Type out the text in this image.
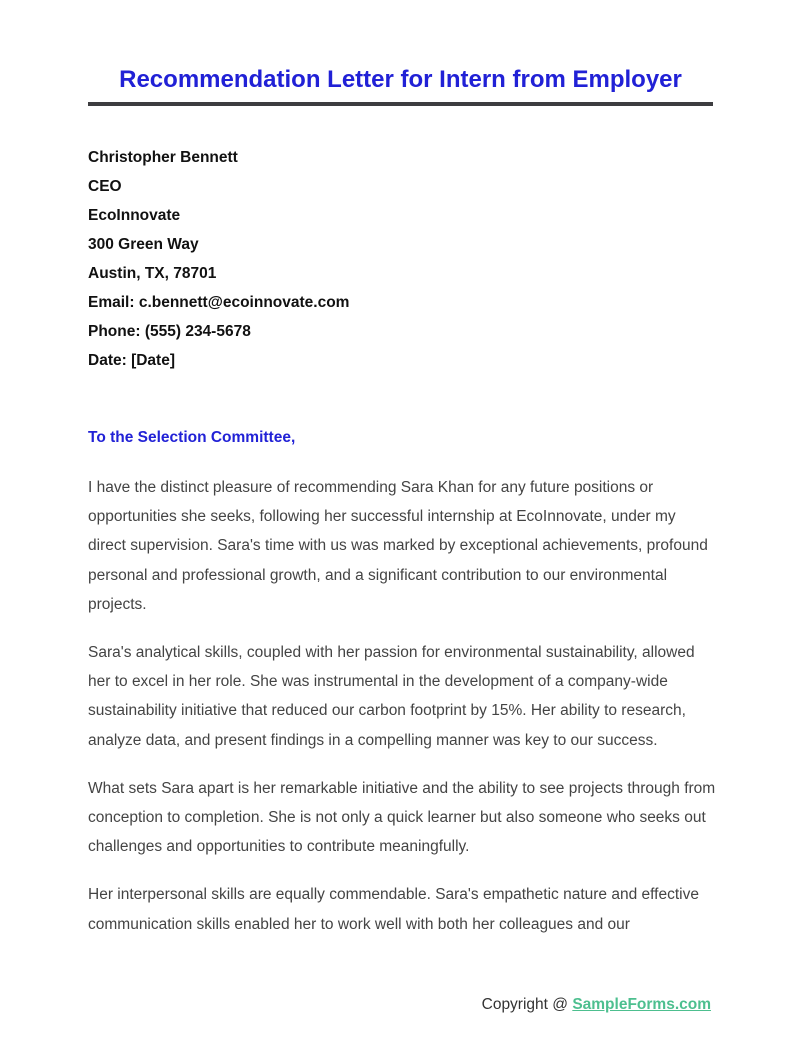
Recommendation Letter for Intern from Employer
Christopher Bennett
CEO
EcoInnovate
300 Green Way
Austin, TX, 78701
Email: c.bennett@ecoinnovate.com
Phone: (555) 234-5678
Date: [Date]
To the Selection Committee,

I have the distinct pleasure of recommending Sara Khan for any future positions or opportunities she seeks, following her successful internship at EcoInnovate, under my direct supervision. Sara's time with us was marked by exceptional achievements, profound personal and professional growth, and a significant contribution to our environmental projects.

Sara's analytical skills, coupled with her passion for environmental sustainability, allowed her to excel in her role. She was instrumental in the development of a company-wide sustainability initiative that reduced our carbon footprint by 15%. Her ability to research, analyze data, and present findings in a compelling manner was key to our success.

What sets Sara apart is her remarkable initiative and the ability to see projects through from conception to completion. She is not only a quick learner but also someone who seeks out challenges and opportunities to contribute meaningfully.

Her interpersonal skills are equally commendable. Sara's empathetic nature and effective communication skills enabled her to work well with both her colleagues and our

Copyright @ SampleForms.com
